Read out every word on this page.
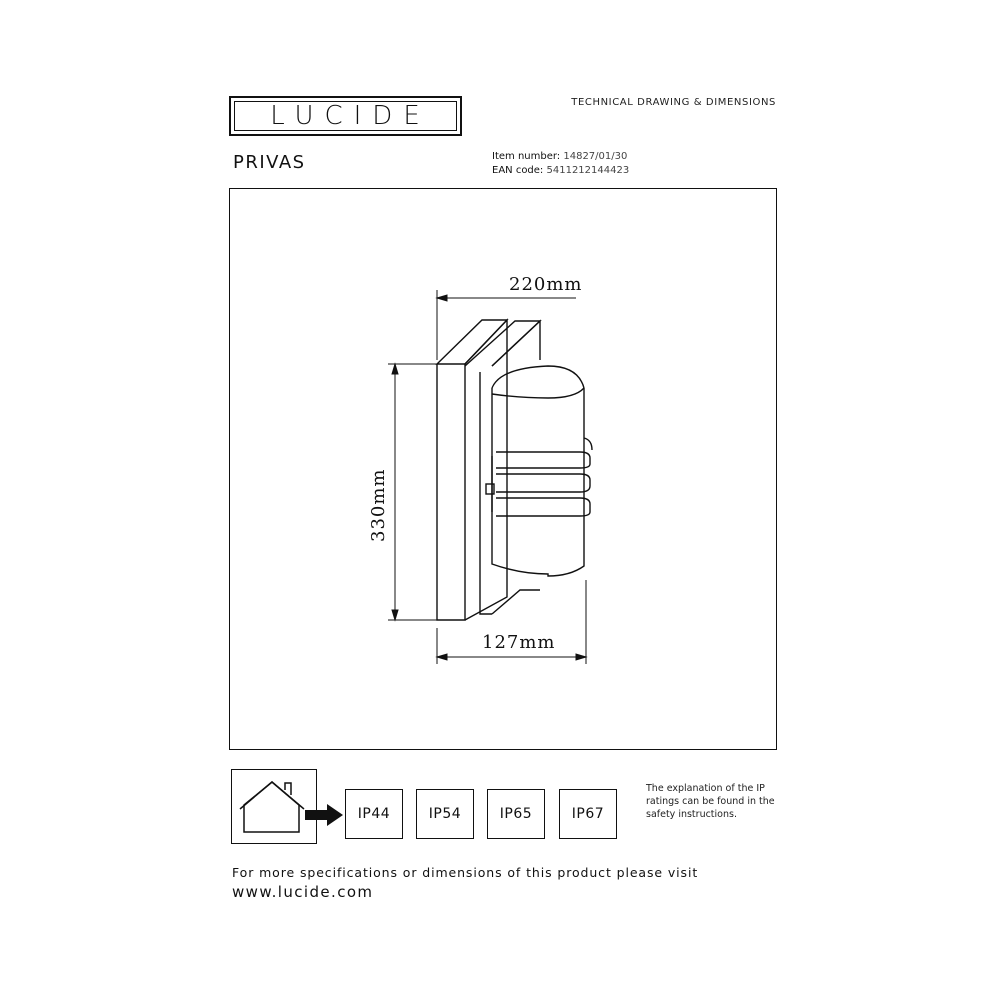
LUCIDE	TECHNICAL DRAWING & DIMENSIONS
PRIVAS	Item number: 14827/01/30
EAN code: 5411212144423
220mm
330mm
127mm
IP44	IP54	IP65	IP67
The explanation of the IP ratings can be found in the safety instructions.
For more specifications or dimensions of this product please visit
www.lucide.com
